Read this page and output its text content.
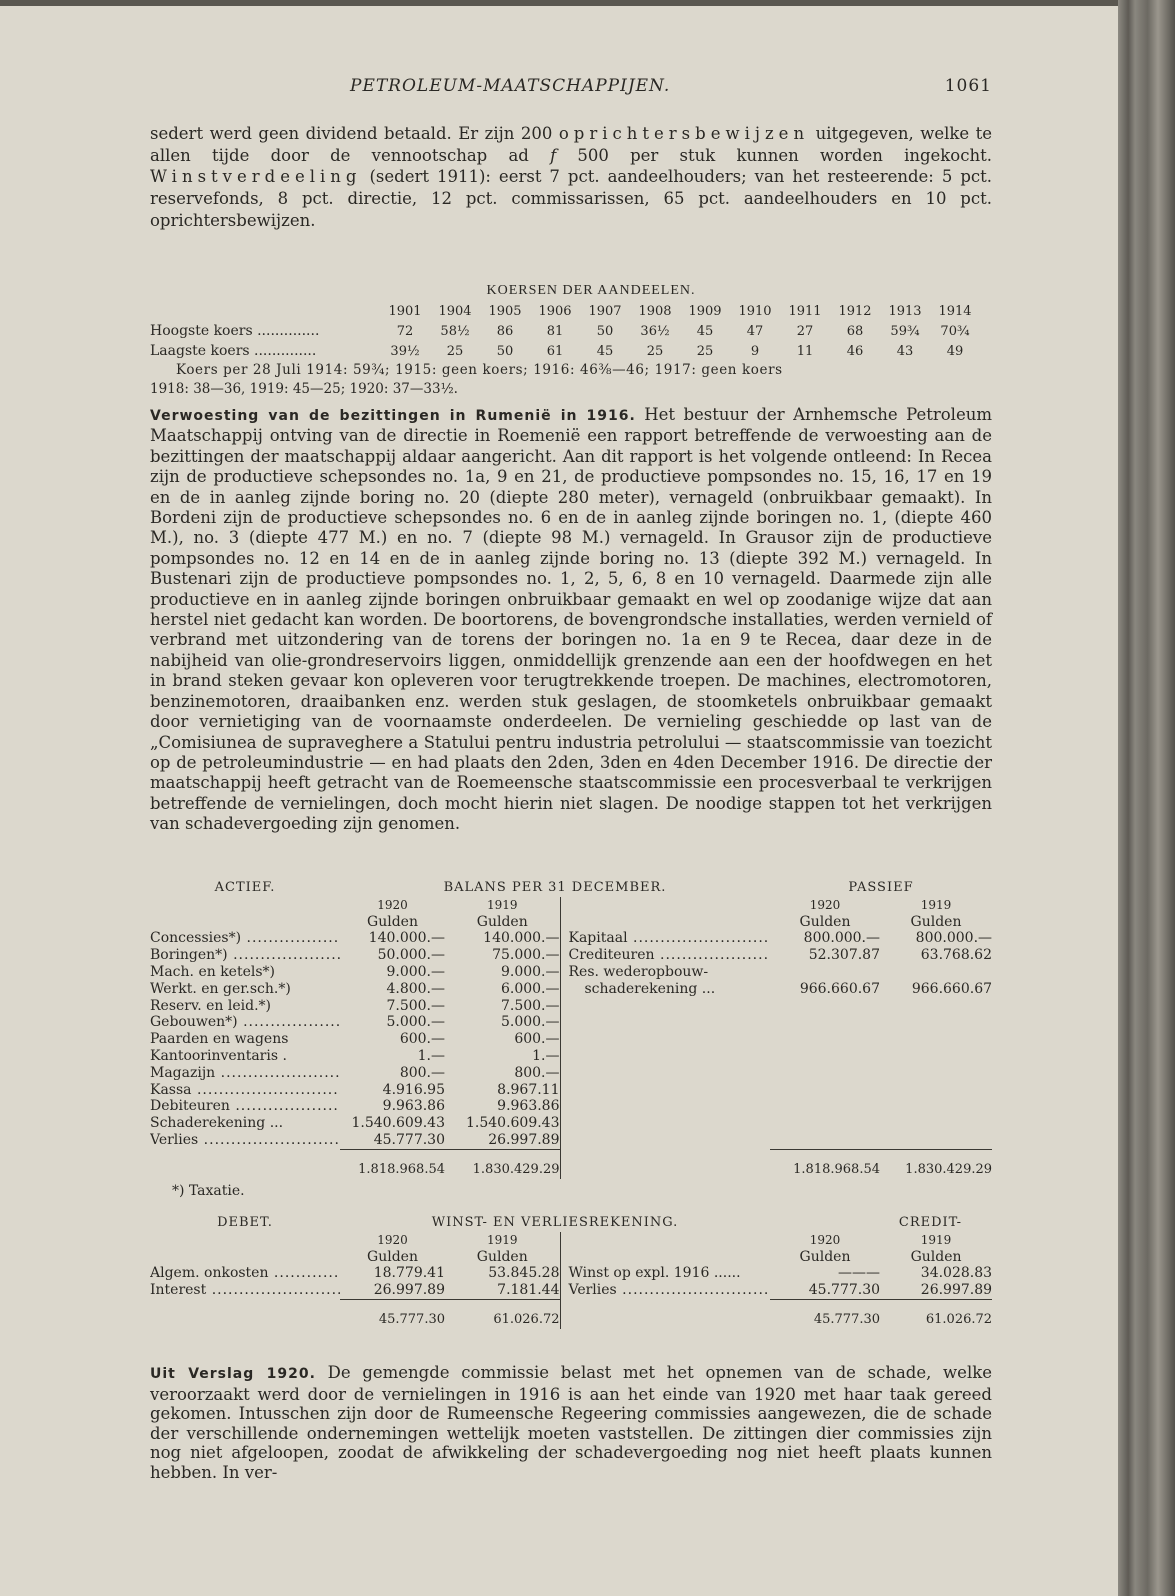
PETROLEUM-MAATSCHAPPIJEN.	1061

sedert werd geen dividend betaald. Er zijn 200 oprichtersbewijzen uitgegeven, welke te allen tijde door de vennootschap ad f 500 per stuk kunnen worden ingekocht. Winstverdeeling (sedert 1911): eerst 7 pct. aandeelhouders; van het resteerende: 5 pct. reservefonds, 8 pct. directie, 12 pct. commissarissen, 65 pct. aandeelhouders en 10 pct. oprichtersbewijzen.

KOERSEN DER AANDEELEN.
	1901	1904	1905	1906	1907	1908	1909	1910	1911	1912	1913	1914
Hoogste koers ..............	72	58½	86	81	50	36½	45	47	27	68	59¾	70¾
Laagste koers ..............	39½	25	50	61	45	25	25	9	11	46	43	49
Koers per 28 Juli 1914: 59¾; 1915: geen koers; 1916: 46⅜—46; 1917: geen koers
1918: 38—36, 1919: 45—25; 1920: 37—33½.

Verwoesting van de bezittingen in Rumenië in 1916. Het bestuur der Arnhemsche Petroleum Maatschappij ontving van de directie in Roemenië een rapport betreffende de verwoesting aan de bezittingen der maatschappij aldaar aangericht. Aan dit rapport is het volgende ontleend: In Recea zijn de productieve schepsondes no. 1a, 9 en 21, de productieve pompsondes no. 15, 16, 17 en 19 en de in aanleg zijnde boring no. 20 (diepte 280 meter), vernageld (onbruikbaar gemaakt). In Bordeni zijn de productieve schepsondes no. 6 en de in aanleg zijnde boringen no. 1, (diepte 460 M.), no. 3 (diepte 477 M.) en no. 7 (diepte 98 M.) vernageld. In Grausor zijn de productieve pompsondes no. 12 en 14 en de in aanleg zijnde boring no. 13 (diepte 392 M.) vernageld. In Bustenari zijn de productieve pompsondes no. 1, 2, 5, 6, 8 en 10 vernageld. Daarmede zijn alle productieve en in aanleg zijnde boringen onbruikbaar gemaakt en wel op zoodanige wijze dat aan herstel niet gedacht kan worden. De boortorens, de bovengrondsche installaties, werden vernield of verbrand met uitzondering van de torens der boringen no. 1a en 9 te Recea, daar deze in de nabijheid van olie-grondreservoirs liggen, onmiddellijk grenzende aan een der hoofdwegen en het in brand steken gevaar kon opleveren voor terugtrekkende troepen. De machines, electromotoren, benzinemotoren, draaibanken enz. werden stuk geslagen, de stoomketels onbruikbaar gemaakt door vernietiging van de voornaamste onderdeelen. De vernieling geschiedde op last van de „Comisiunea de supraveghere a Statului pentru industria petrolului — staatscommissie van toezicht op de petroleumindustrie — en had plaats den 2den, 3den en 4den December 1916. De directie der maatschappij heeft getracht van de Roemeensche staatscommissie een procesverbaal te verkrijgen betreffende de vernielingen, doch mocht hierin niet slagen. De noodige stappen tot het verkrijgen van schadevergoeding zijn genomen.

ACTIEF.	BALANS PER 31 DECEMBER.			PASSIEF	
	1920	1919		1920	1919
	Gulden	Gulden		Gulden	Gulden
Concessies*) .....	140.000.—	140.000.—	Kapitaal .....	800.000.—	800.000.—
Boringen*) .....	50.000.—	75.000.—	Crediteuren .....	52.307.87	63.768.62
Mach. en ketels*)	9.000.—	9.000.—	Res. wederopbouw-		
Werkt. en ger.sch.*)	4.800.—	6.000.—	schaderekening ...	966.660.67	966.660.67
Reserv. en leid.*)	7.500.—	7.500.—			
Gebouwen*) .....	5.000.—	5.000.—			
Paarden en wagens	600.—	600.—			
Kantoorinventaris .	1.—	1.—			
Magazijn .....	800.—	800.—			
Kassa .....	4.916.95	8.967.11			
Debiteuren .....	9.963.86	9.963.86			
Schaderekening ...	1.540.609.43	1.540.609.43			
Verlies .....	45.777.30	26.997.89			

	1.818.968.54	1.830.429.29		1.818.968.54	1.830.429.29
*) Taxatie.					
DEBET.	WINST- EN VERLIESREKENING.			CREDIT-	
	1920	1919		1920	1919
	Gulden	Gulden		Gulden	Gulden
Algem. onkosten .....	18.779.41	53.845.28	Winst op expl. 1916 ......	———	34.028.83
Interest .....	26.997.89	7.181.44	Verlies .....	45.777.30	26.997.89

	45.777.30	61.026.72		45.777.30	61.026.72

Uit Verslag 1920. De gemengde commissie belast met het opnemen van de schade, welke veroorzaakt werd door de vernielingen in 1916 is aan het einde van 1920 met haar taak gereed gekomen. Intusschen zijn door de Rumeensche Regeering commissies aangewezen, die de schade der verschillende ondernemingen wettelijk moeten vaststellen. De zittingen dier commissies zijn nog niet afgeloopen, zoodat de afwikkeling der schadevergoeding nog niet heeft plaats kunnen hebben. In ver-
